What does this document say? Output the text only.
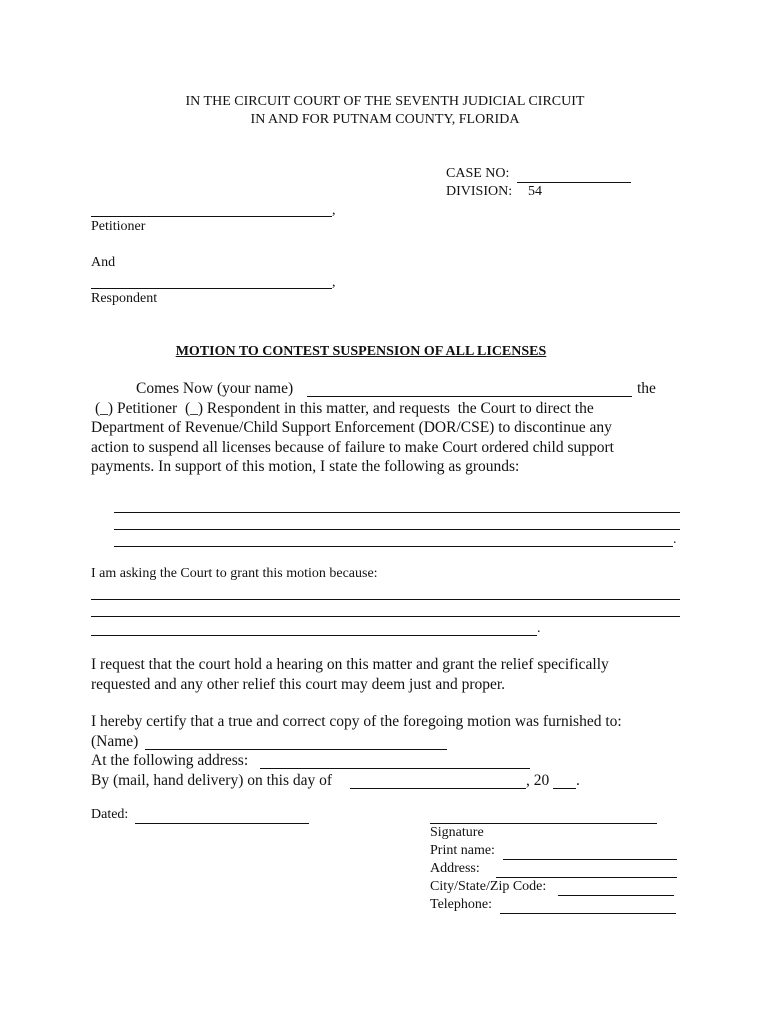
IN THE CIRCUIT COURT OF THE SEVENTH JUDICIAL CIRCUIT
IN AND FOR PUTNAM COUNTY, FLORIDA
CASE NO:
DIVISION: 54
,
Petitioner
And
,
Respondent
MOTION TO CONTEST SUSPENSION OF ALL LICENSES
Comes Now (your name)	the
(_) Petitioner  (_) Respondent in this matter, and requests  the Court to direct the
Department of Revenue/Child Support Enforcement (DOR/CSE) to discontinue any
action to suspend all licenses because of failure to make Court ordered child support
payments. In support of this motion, I state the following as grounds:
.
I am asking the Court to grant this motion because:
.
I request that the court hold a hearing on this matter and grant the relief specifically
requested and any other relief this court may deem just and proper.
I hereby certify that a true and correct copy of the foregoing motion was furnished to:
(Name)
At the following address:
By (mail, hand delivery) on this day of	, 20 .
Dated:
Signature
Print name:
Address:
City/State/Zip Code:
Telephone:
